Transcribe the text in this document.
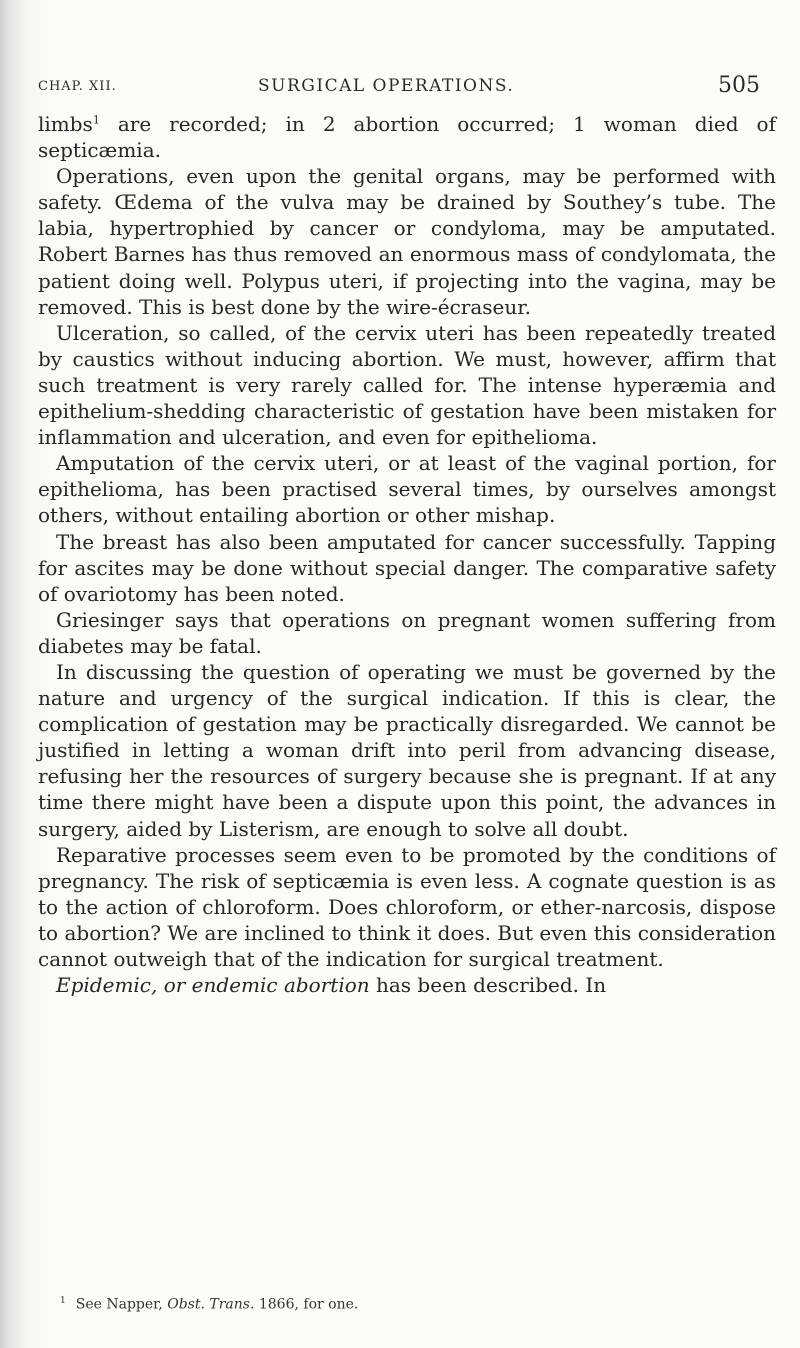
CHAP. XII.	SURGICAL OPERATIONS.	505

limbs$^1$ are recorded; in 2 abortion occurred; 1 woman died of septicæmia.

Operations, even upon the genital organs, may be performed with safety. Œdema of the vulva may be drained by Southey’s tube. The labia, hypertrophied by cancer or condyloma, may be amputated. Robert Barnes has thus removed an enormous mass of condylomata, the patient doing well. Polypus uteri, if projecting into the vagina, may be removed. This is best done by the wire-écraseur.

Ulceration, so called, of the cervix uteri has been repeatedly treated by caustics without inducing abortion. We must, however, affirm that such treatment is very rarely called for. The intense hyperæmia and epithelium-shedding characteristic of gestation have been mistaken for inflammation and ulceration, and even for epithelioma.

Amputation of the cervix uteri, or at least of the vaginal portion, for epithelioma, has been practised several times, by ourselves amongst others, without entailing abortion or other mishap.

The breast has also been amputated for cancer successfully. Tapping for ascites may be done without special danger. The comparative safety of ovariotomy has been noted.

Griesinger says that operations on pregnant women suffering from diabetes may be fatal.

In discussing the question of operating we must be governed by the nature and urgency of the surgical indication. If this is clear, the complication of gestation may be practically disregarded. We cannot be justified in letting a woman drift into peril from advancing disease, refusing her the resources of surgery because she is pregnant. If at any time there might have been a dispute upon this point, the advances in surgery, aided by Listerism, are enough to solve all doubt.

Reparative processes seem even to be promoted by the conditions of pregnancy. The risk of septicæmia is even less. A cognate question is as to the action of chloroform. Does chloroform, or ether-narcosis, dispose to abortion? We are inclined to think it does. But even this consideration cannot outweigh that of the indication for surgical treatment.

Epidemic, or endemic abortion has been described. In

$^1$ See Napper, Obst. Trans. 1866, for one.
